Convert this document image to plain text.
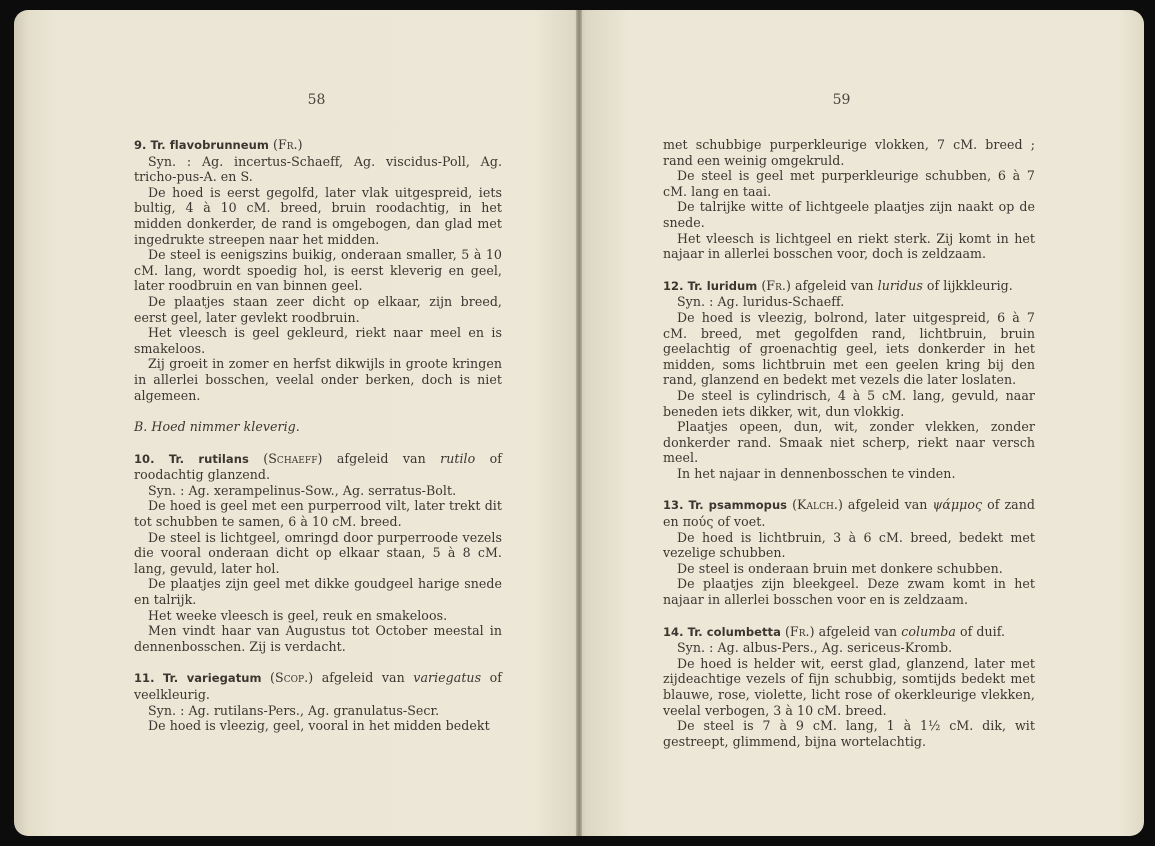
58

9. Tr. flavobrunneum (Fr.)

Syn. : Ag. incertus-Schaeff, Ag. viscidus-Poll, Ag. tricho-pus-A. en S.

De hoed is eerst gegolfd, later vlak uitgespreid, iets bultig, 4 à 10 cM. breed, bruin roodachtig, in het midden donkerder, de rand is omgebogen, dan glad met ingedrukte streepen naar het midden.

De steel is eenigszins buikig, onderaan smaller, 5 à 10 cM. lang, wordt spoedig hol, is eerst kleverig en geel, later roodbruin en van binnen geel.

De plaatjes staan zeer dicht op elkaar, zijn breed, eerst geel, later gevlekt roodbruin.

Het vleesch is geel gekleurd, riekt naar meel en is smakeloos.

Zij groeit in zomer en herfst dikwijls in groote kringen in allerlei bosschen, veelal onder berken, doch is niet algemeen.

B. Hoed nimmer kleverig.

10. Tr. rutilans (Schaeff) afgeleid van rutilo of roodachtig glanzend.

Syn. : Ag. xerampelinus-Sow., Ag. serratus-Bolt.

De hoed is geel met een purperrood vilt, later trekt dit tot schubben te samen, 6 à 10 cM. breed.

De steel is lichtgeel, omringd door purperroode vezels die vooral onderaan dicht op elkaar staan, 5 à 8 cM. lang, gevuld, later hol.

De plaatjes zijn geel met dikke goudgeel harige snede en talrijk.

Het weeke vleesch is geel, reuk en smakeloos.

Men vindt haar van Augustus tot October meestal in dennenbosschen. Zij is verdacht.

11. Tr. variegatum (Scop.) afgeleid van variegatus of veelkleurig.

Syn. : Ag. rutilans-Pers., Ag. granulatus-Secr.

De hoed is vleezig, geel, vooral in het midden bedekt

59

met schubbige purperkleurige vlokken, 7 cM. breed ; rand een weinig omgekruld.

De steel is geel met purperkleurige schubben, 6 à 7 cM. lang en taai.

De talrijke witte of lichtgeele plaatjes zijn naakt op de snede.

Het vleesch is lichtgeel en riekt sterk. Zij komt in het najaar in allerlei bosschen voor, doch is zeldzaam.

12. Tr. luridum (Fr.) afgeleid van luridus of lijkkleurig.

Syn. : Ag. luridus-Schaeff.

De hoed is vleezig, bolrond, later uitgespreid, 6 à 7 cM. breed, met gegolfden rand, lichtbruin, bruin geelachtig of groenachtig geel, iets donkerder in het midden, soms lichtbruin met een geelen kring bij den rand, glanzend en bedekt met vezels die later loslaten.

De steel is cylindrisch, 4 à 5 cM. lang, gevuld, naar beneden iets dikker, wit, dun vlokkig.

Plaatjes opeen, dun, wit, zonder vlekken, zonder donkerder rand. Smaak niet scherp, riekt naar versch meel.

In het najaar in dennenbosschen te vinden.

13. Tr. psammopus (Kalch.) afgeleid van ψάμμος of zand en πούς of voet.

De hoed is lichtbruin, 3 à 6 cM. breed, bedekt met vezelige schubben.

De steel is onderaan bruin met donkere schubben.

De plaatjes zijn bleekgeel. Deze zwam komt in het najaar in allerlei bosschen voor en is zeldzaam.

14. Tr. columbetta (Fr.) afgeleid van columba of duif.

Syn. : Ag. albus-Pers., Ag. sericeus-Kromb.

De hoed is helder wit, eerst glad, glanzend, later met zijdeachtige vezels of fijn schubbig, somtijds bedekt met blauwe, rose, violette, licht rose of okerkleurige vlekken, veelal verbogen, 3 à 10 cM. breed.

De steel is 7 à 9 cM. lang, 1 à 1½ cM. dik, wit gestreept, glimmend, bijna wortelachtig.
